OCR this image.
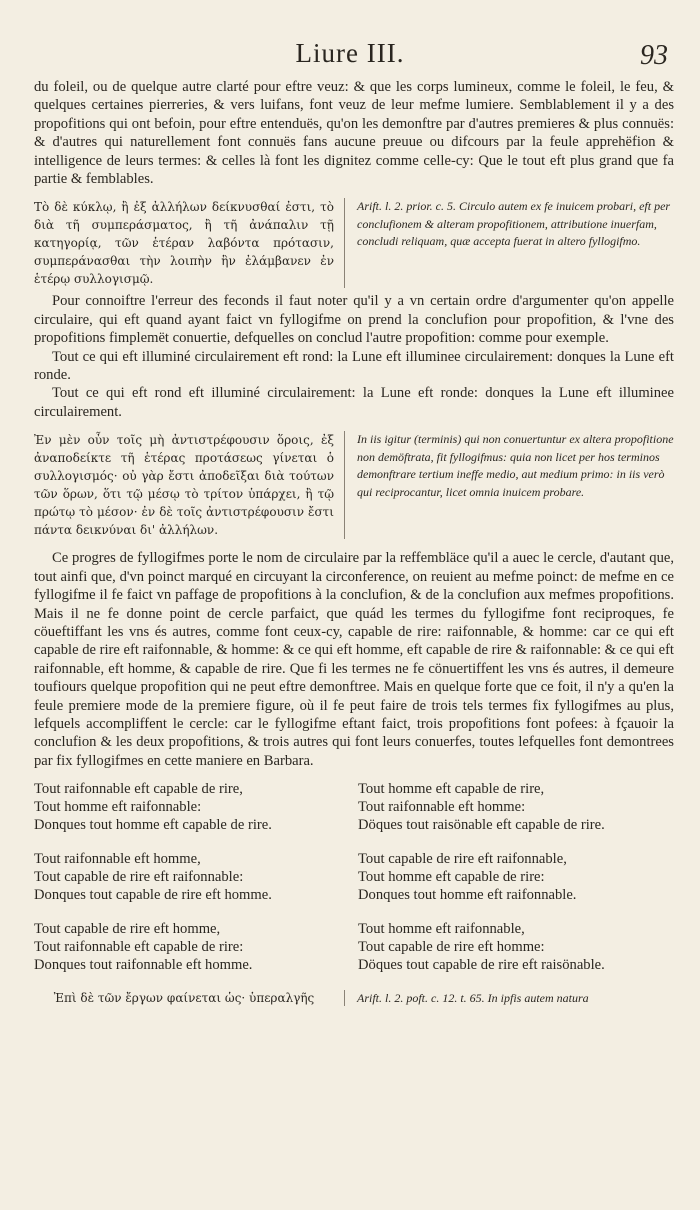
Liure III.	93

du foleil, ou de quelque autre clarté pour eftre veuz: & que les corps lumineux, comme le foleil, le feu, & quelques certaines pierreries, & vers luifans, font veuz de leur mefme lumiere. Semblablement il y a des propofitions qui ont befoin, pour eftre entenduës, qu'on les demonftre par d'autres premieres & plus connuës: & d'autres qui naturellement font connuës fans aucune preuue ou difcours par la feule apprehëfion & intelligence de leurs termes: & celles là font les dignitez comme celle-cy: Que le tout eft plus grand que fa partie & femblables.

Τὸ δὲ κύκλῳ, ἢ ἐξ ἀλλήλων δείκνυσθαί ἐστι, τὸ διὰ τῆ συμπεράσματος, ἢ τῆ ἀνάπαλιν τῇ κατηγορίᾳ, τῶν ἑτέραν λαβόντα πρότασιν, συμπεράνασθαι τὴν λοιπὴν ἣν ἐλάμβανεν ἐν ἑτέρῳ συλλογισμῷ.
Arift. l. 2. prior. c. 5. Circulo autem ex fe inuicem probari, eft per conclufionem & alteram propofitionem, attributione inuerfam, concludi reliquam, quæ accepta fuerat in altero fyllogifmo.

Pour connoiftre l'erreur des feconds il faut noter qu'il y a vn certain ordre d'argumenter qu'on appelle circulaire, qui eft quand ayant faict vn fyllogifme on prend la conclufion pour propofition, & l'vne des propofitions fimplemët conuertie, defquelles on conclud l'autre propofition: comme pour exemple.

Tout ce qui eft illuminé circulairement eft rond: la Lune eft illuminee circulairement: donques la Lune eft ronde.

Tout ce qui eft rond eft illuminé circulairement: la Lune eft ronde: donques la Lune eft illuminee circulairement.

Ἐν μὲν οὖν τοῖς μὴ ἀντιστρέφουσιν ὅροις, ἐξ ἀναποδείκτε τῆ ἑτέρας προτάσεως γίνεται ὁ συλλογισμός· οὐ γὰρ ἔστι ἀποδεῖξαι διὰ τούτων τῶν ὅρων, ὅτι τῷ μέσῳ τὸ τρίτον ὑπάρχει, ἢ τῷ πρώτῳ τὸ μέσον· ἐν δὲ τοῖς ἀντιστρέφουσιν ἔστι πάντα δεικνύναι δι' ἀλλήλων.
In iis igitur (terminis) qui non conuertuntur ex altera propofitione non demöftrata, fit fyllogifmus: quia non licet per hos terminos demonftrare tertium ineffe medio, aut medium primo: in iis verò qui reciprocantur, licet omnia inuicem probare.

Ce progres de fyllogifmes porte le nom de circulaire par la reffembläce qu'il a auec le cercle, d'autant que, tout ainfi que, d'vn poinct marqué en circuyant la circonference, on reuient au mefme poinct: de mefme en ce fyllogifme il fe faict vn paffage de propofitions à la conclufion, & de la conclufion aux mefmes propofitions. Mais il ne fe donne point de cercle parfaict, que quád les termes du fyllogifme font reciproques, fe cöueftiffant les vns és autres, comme font ceux-cy, capable de rire: raifonnable, & homme: car ce qui eft capable de rire eft raifonnable, & homme: & ce qui eft homme, eft capable de rire & raifonnable: & ce qui eft raifonnable, eft homme, & capable de rire. Que fi les termes ne fe cönuertiffent les vns és autres, il demeure toufiours quelque propofition qui ne peut eftre demonftree. Mais en quelque forte que ce foit, il n'y a qu'en la feule premiere mode de la premiere figure, où il fe peut faire de trois tels termes fix fyllogifmes au plus, lefquels accompliffent le cercle: car le fyllogifme eftant faict, trois propofitions font pofees: à fçauoir la conclufion & les deux propofitions, & trois autres qui font leurs conuerfes, toutes lefquelles font demontrees par fix fyllogifmes en cette maniere en Barbara.

Tout raifonnable eft capable de rire,

Tout homme eft raifonnable:

Donques tout homme eft capable de rire.

Tout homme eft capable de rire,

Tout raifonnable eft homme:

Döques tout raisönable eft capable de rire.

Tout raifonnable eft homme,

Tout capable de rire eft raifonnable:

Donques tout capable de rire eft homme.

Tout capable de rire eft raifonnable,

Tout homme eft capable de rire:

Donques tout homme eft raifonnable.

Tout capable de rire eft homme,

Tout raifonnable eft capable de rire:

Donques tout raifonnable eft homme.

Tout homme eft raifonnable,

Tout capable de rire eft homme:

Döques tout capable de rire eft raisönable.

Ἐπὶ δὲ τῶν ἔργων φαίνεται ὡς· ὑπεραλγῆς	Arift. l. 2. poft. c. 12. t. 65. In ipfis autem natura
